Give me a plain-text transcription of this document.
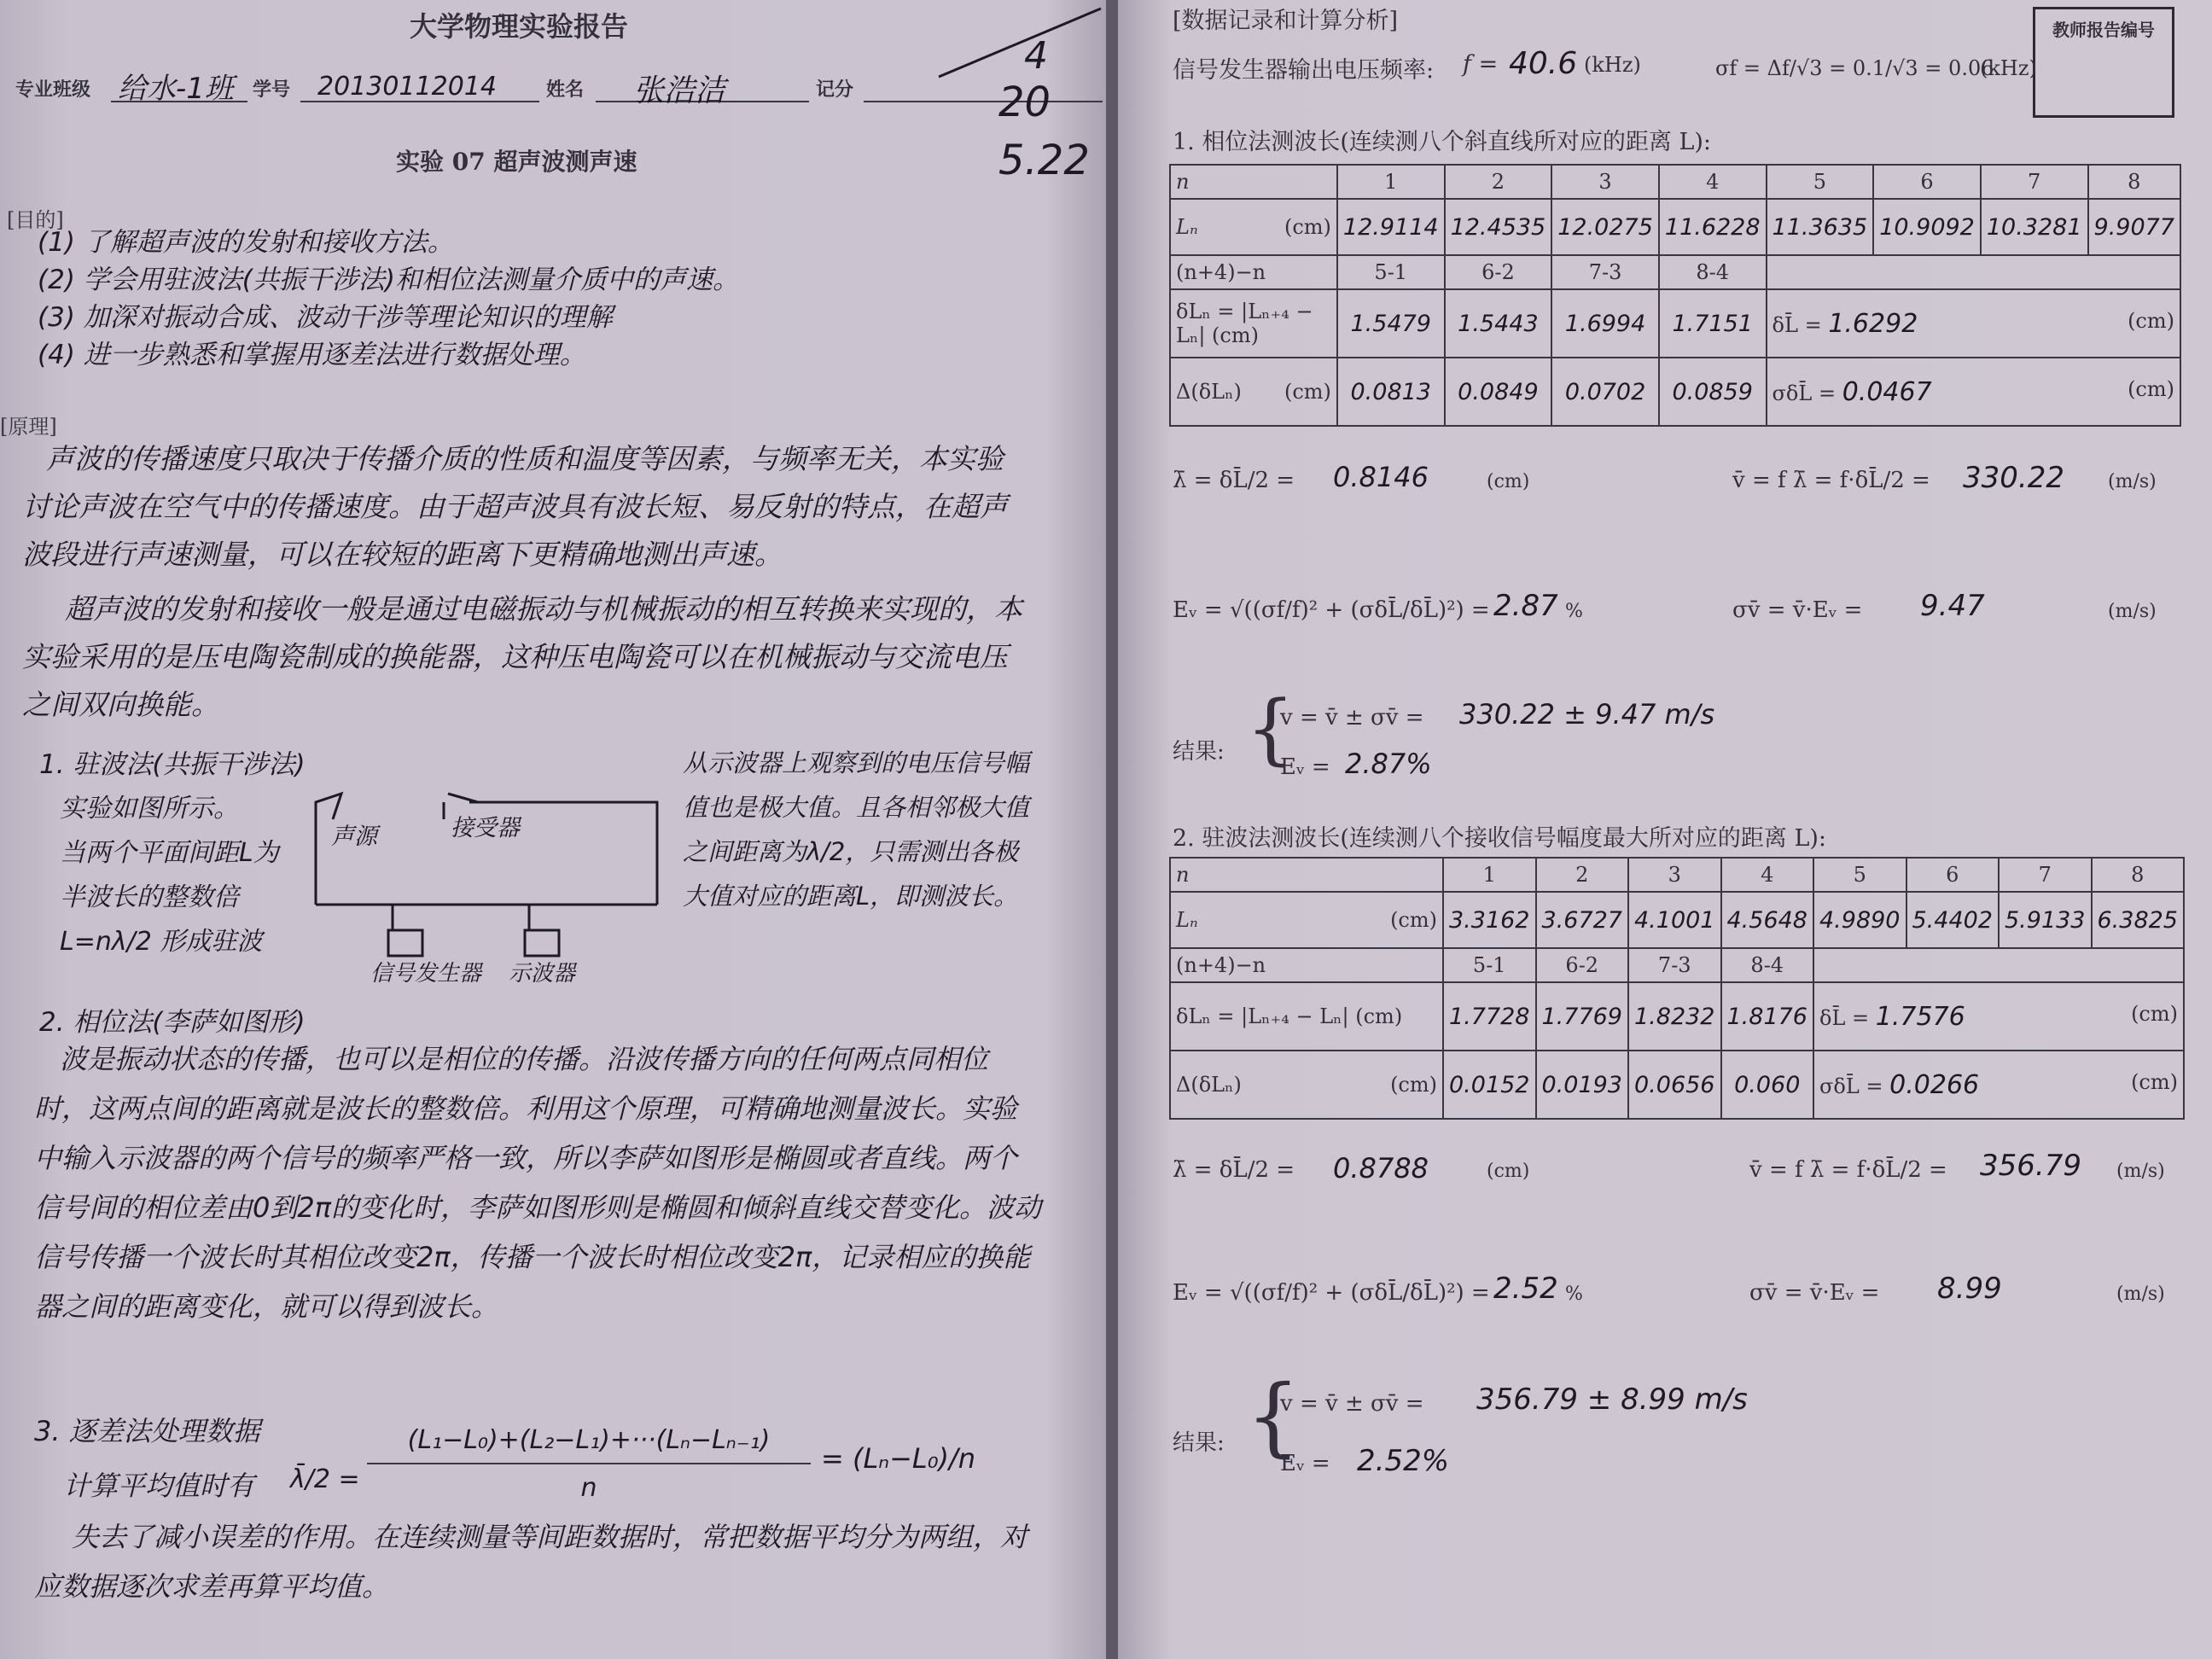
大学物理实验报告
专业班级 给水-1班 学号 20130112014	姓名 张浩洁	记分
4
20
5.22
实验 07 超声波测声速
[目的]
(1) 了解超声波的发射和接收方法。
(2) 学会用驻波法(共振干涉法)和相位法测量介质中的声速。
(3) 加深对振动合成、波动干涉等理论知识的理解
(4) 进一步熟悉和掌握用逐差法进行数据处理。
[原理]
声波的传播速度只取决于传播介质的性质和温度等因素，与频率无关，本实验讨论声波在空气中的传播速度。由于超声波具有波长短、易反射的特点，在超声波段进行声速测量，可以在较短的距离下更精确地测出声速。
超声波的发射和接收一般是通过电磁振动与机械振动的相互转换来实现的，本实验采用的是压电陶瓷制成的换能器，这种压电陶瓷可以在机械振动与交流电压之间双向换能。
1. 驻波法(共振干涉法)
实验如图所示。
当两个平面间距L为
半波长的整数倍
L=nλ/2 形成驻波
声源	接受器
信号发生器 示波器
从示波器上观察到的电压信号幅值也是极大值。且各相邻极大值之间距离为λ/2，只需测出各极大值对应的距离L，即测波长。
2. 相位法(李萨如图形)
波是振动状态的传播，也可以是相位的传播。沿波传播方向的任何两点同相位时，这两点间的距离就是波长的整数倍。利用这个原理，可精确地测量波长。实验中输入示波器的两个信号的频率严格一致，所以李萨如图形是椭圆或者直线。两个信号间的相位差由0到2π的变化时，李萨如图形则是椭圆和倾斜直线交替变化。波动信号传播一个波长时其相位改变2π，传播一个波长时相位改变2π，记录相应的换能器之间的距离变化，就可以得到波长。
3. 逐差法处理数据
计算平均值时有 λ̄/2 =
(L₁−L₀)+(L₂−L₁)+···(Lₙ−Lₙ₋₁)
n
= (Lₙ−L₀)/n
失去了减小误差的作用。在连续测量等间距数据时，常把数据平均分为两组，对应数据逐次求差再算平均值。
[数据记录和计算分析]	教师报告编号
信号发生器输出电压频率: f = 40.6 (kHz)	σf = Δf/√3 = 0.1/√3 = 0.06
(kHz)
1. 相位法测波长(连续测八个斜直线所对应的距离 L):
n	1	2	3	4	5	6	7	8
Lₙ (cm)	12.9114	12.4535	12.0275	11.6228	11.3635	10.9092	10.3281	9.9077
(n+4)−n	5-1	6-2	7-3	8-4				
δLₙ = |Lₙ₊₄ − Lₙ| (cm)	1.5479	1.5443	1.6994	1.7151	δL̄ = 1.6292 (cm)			

Δ(δLₙ) (cm)	0.0813	0.0849	0.0702	0.0859	σδL̄ = 0.0467 (cm)			
λ̄ = δL̄/2 = 0.8146	(cm)	v̄ = f λ̄ = f·δL̄/2 = 330.22 (m/s)
Eᵥ = √((σf/f)² + (σδL̄/δL̄)²) = 2.87 %	σv̄ = v̄·Eᵥ = 9.47	(m/s)
结果: {
v = v̄ ± σv̄ = 330.22 ± 9.47 m/s
Eᵥ = 2.87%
2. 驻波法测波长(连续测八个接收信号幅度最大所对应的距离 L):
n	1	2	3	4	5	6	7	8
Lₙ (cm)	3.3162	3.6727	4.1001	4.5648	4.9890	5.4402	5.9133	6.3825
(n+4)−n	5-1	6-2	7-3	8-4				
δLₙ = |Lₙ₊₄ − Lₙ| (cm)	1.7728	1.7769	1.8232	1.8176	δL̄ = 1.7576 (cm)			

Δ(δLₙ) (cm)	0.0152	0.0193	0.0656	0.060	σδL̄ = 0.0266 (cm)			
λ̄ = δL̄/2 = 0.8788	(cm)	v̄ = f λ̄ = f·δL̄/2 = 356.79 (m/s)
Eᵥ = √((σf/f)² + (σδL̄/δL̄)²) = 2.52 %	σv̄ = v̄·Eᵥ = 8.99	(m/s)
结果: {
v = v̄ ± σv̄ = 356.79 ± 8.99 m/s
Eᵥ = 2.52%
